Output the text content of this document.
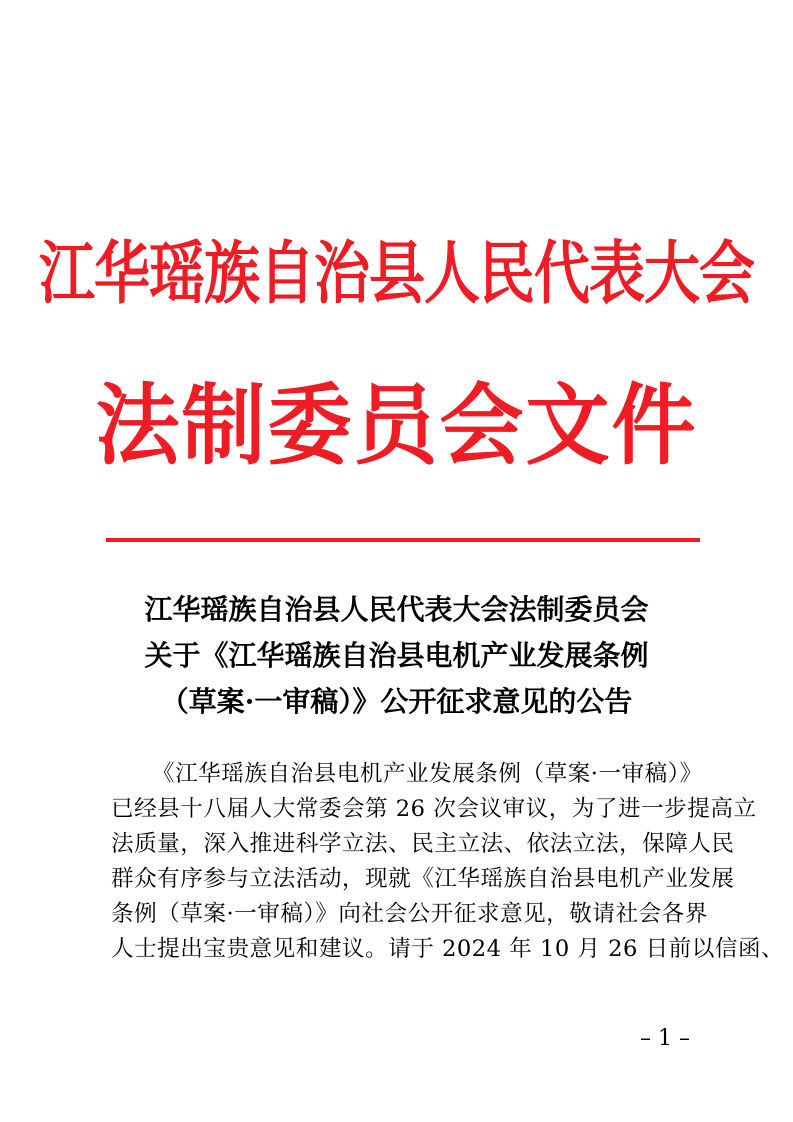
江华瑶族自治县人民代表大会
法制委员会文件
江华瑶族自治县人民代表大会法制委员会
关于《江华瑶族自治县电机产业发展条例
（草案·一审稿）》公开征求意见的公告
《江华瑶族自治县电机产业发展条例（草案·一审稿）》
已经县十八届人大常委会第 26 次会议审议，为了进一步提高立
法质量，深入推进科学立法、民主立法、依法立法，保障人民
群众有序参与立法活动，现就《江华瑶族自治县电机产业发展
条例（草案·一审稿）》向社会公开征求意见，敬请社会各界
人士提出宝贵意见和建议。请于 2024 年 10 月 26 日前以信函、
– 1 –
